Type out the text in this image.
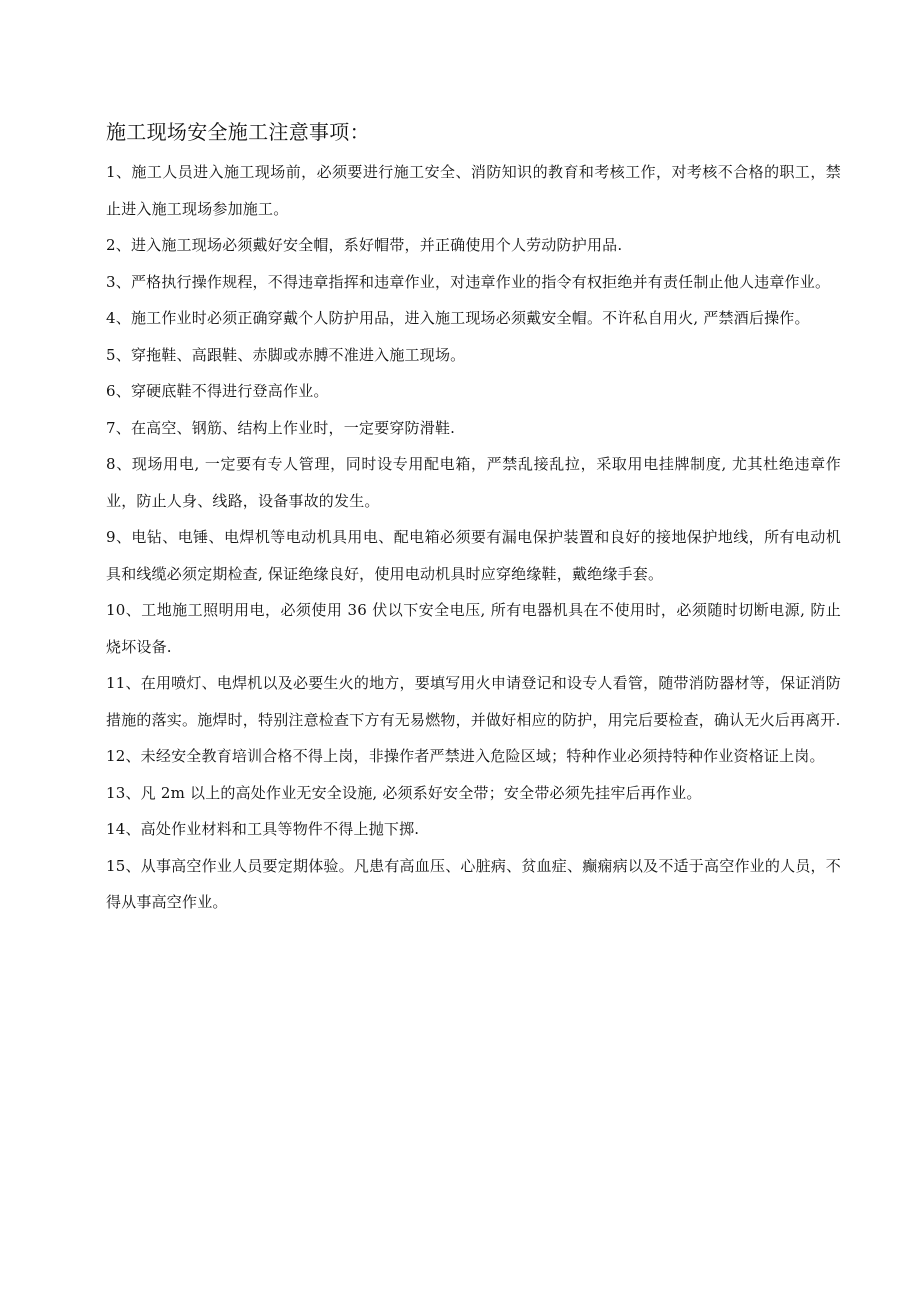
施工现场安全施工注意事项：
1、施工人员进入施工现场前，必须要进行施工安全、消防知识的教育和考核工作，对考核不合格的职工，禁止进入施工现场参加施工。
2、进入施工现场必须戴好安全帽，系好帽带，并正确使用个人劳动防护用品.
3、严格执行操作规程，不得违章指挥和违章作业，对违章作业的指令有权拒绝并有责任制止他人违章作业。
4、施工作业时必须正确穿戴个人防护用品，进入施工现场必须戴安全帽。不许私自用火, 严禁酒后操作。
5、穿拖鞋、高跟鞋、赤脚或赤膊不准进入施工现场。
6、穿硬底鞋不得进行登高作业。
7、在高空、钢筋、结构上作业时，一定要穿防滑鞋.
8、现场用电, 一定要有专人管理，同时设专用配电箱，严禁乱接乱拉，采取用电挂牌制度, 尤其杜绝违章作业，防止人身、线路，设备事故的发生。
9、电钻、电锤、电焊机等电动机具用电、配电箱必须要有漏电保护装置和良好的接地保护地线，所有电动机具和线缆必须定期检查, 保证绝缘良好，使用电动机具时应穿绝缘鞋，戴绝缘手套。
10、工地施工照明用电，必须使用 36 伏以下安全电压, 所有电器机具在不使用时，必须随时切断电源, 防止烧坏设备.
11、在用喷灯、电焊机以及必要生火的地方，要填写用火申请登记和设专人看管，随带消防器材等，保证消防措施的落实。施焊时，特别注意检查下方有无易燃物，并做好相应的防护，用完后要检查，确认无火后再离开.
12、未经安全教育培训合格不得上岗，非操作者严禁进入危险区域；特种作业必须持特种作业资格证上岗。
13、凡 2m 以上的高处作业无安全设施, 必须系好安全带；安全带必须先挂牢后再作业。
14、高处作业材料和工具等物件不得上抛下掷.
15、从事高空作业人员要定期体验。凡患有高血压、心脏病、贫血症、癫痫病以及不适于高空作业的人员，不得从事高空作业。
